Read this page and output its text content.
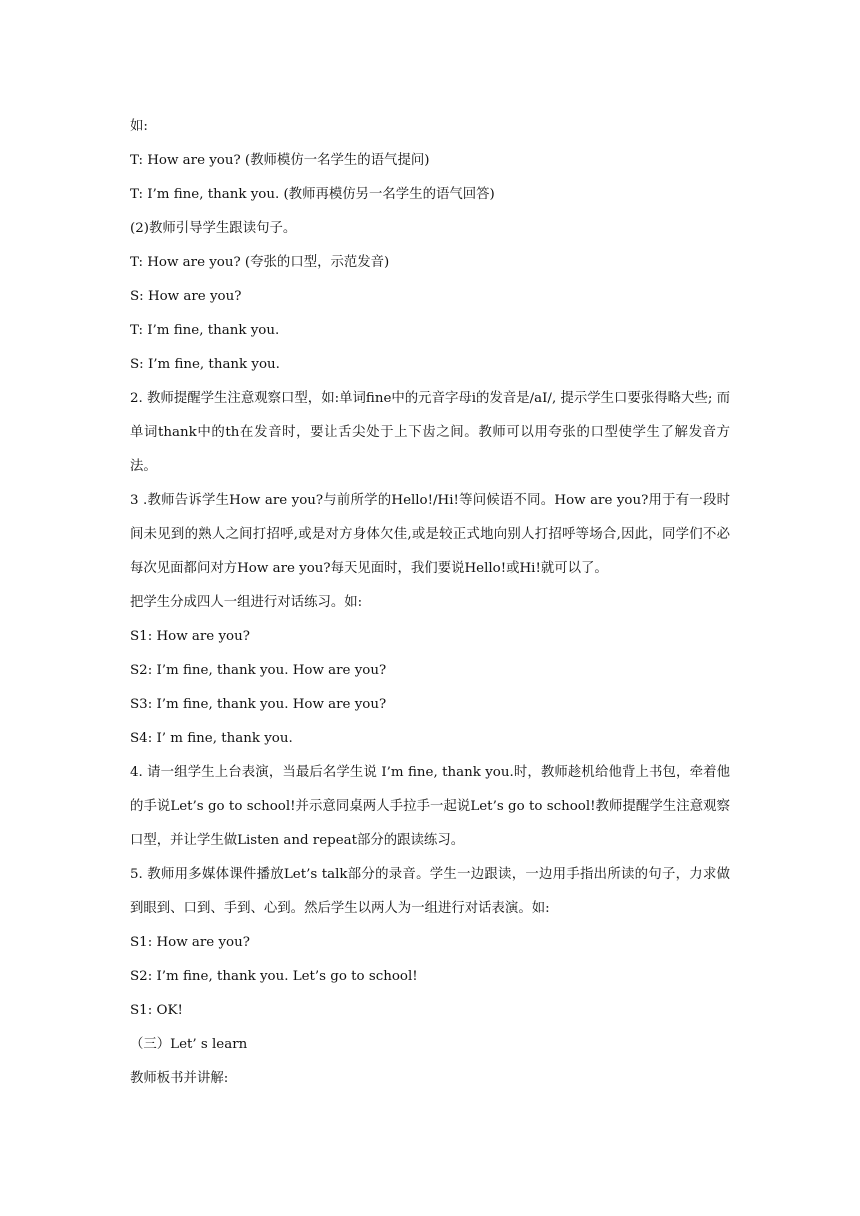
如:

T: How are you? (教师模仿一名学生的语气提问)

T: I’m fine, thank you. (教师再模仿另一名学生的语气回答)

(2)教师引导学生跟读句子。

T: How are you? (夸张的口型，示范发音)

S: How are you?

T: I’m fine, thank you.

S: I’m fine, thank you.

2. 教师提醒学生注意观察口型，如:单词fine中的元音字母i的发音是/aI/, 提示学生口要张得略大些; 而单词thank中的th在发音时，要让舌尖处于上下齿之间。教师可以用夸张的口型使学生了解发音方法。

3 .教师告诉学生How are you?与前所学的Hello!/Hi!等问候语不同。How are you?用于有一段时间未见到的熟人之间打招呼,或是对方身体欠佳,或是较正式地向别人打招呼等场合,因此，同学们不必每次见面都问对方How are you?每天见面时，我们要说Hello!或Hi!就可以了。

把学生分成四人一组进行对话练习。如:

S1: How are you?

S2: I’m fine, thank you. How are you?

S3: I’m fine, thank you. How are you?

S4: I’ m fine, thank you.

4. 请一组学生上台表演，当最后名学生说 I’m fine, thank you.时，教师趁机给他背上书包，牵着他的手说Let’s go to school!并示意同桌两人手拉手一起说Let’s go to school!教师提醒学生注意观察口型，并让学生做Listen and repeat部分的跟读练习。

5. 教师用多媒体课件播放Let’s talk部分的录音。学生一边跟读，一边用手指出所读的句子，力求做到眼到、口到、手到、心到。然后学生以两人为一组进行对话表演。如:

S1: How are you?

S2: I’m fine, thank you. Let’s go to school!

S1: OK!

（三）Let’ s learn

教师板书并讲解:
